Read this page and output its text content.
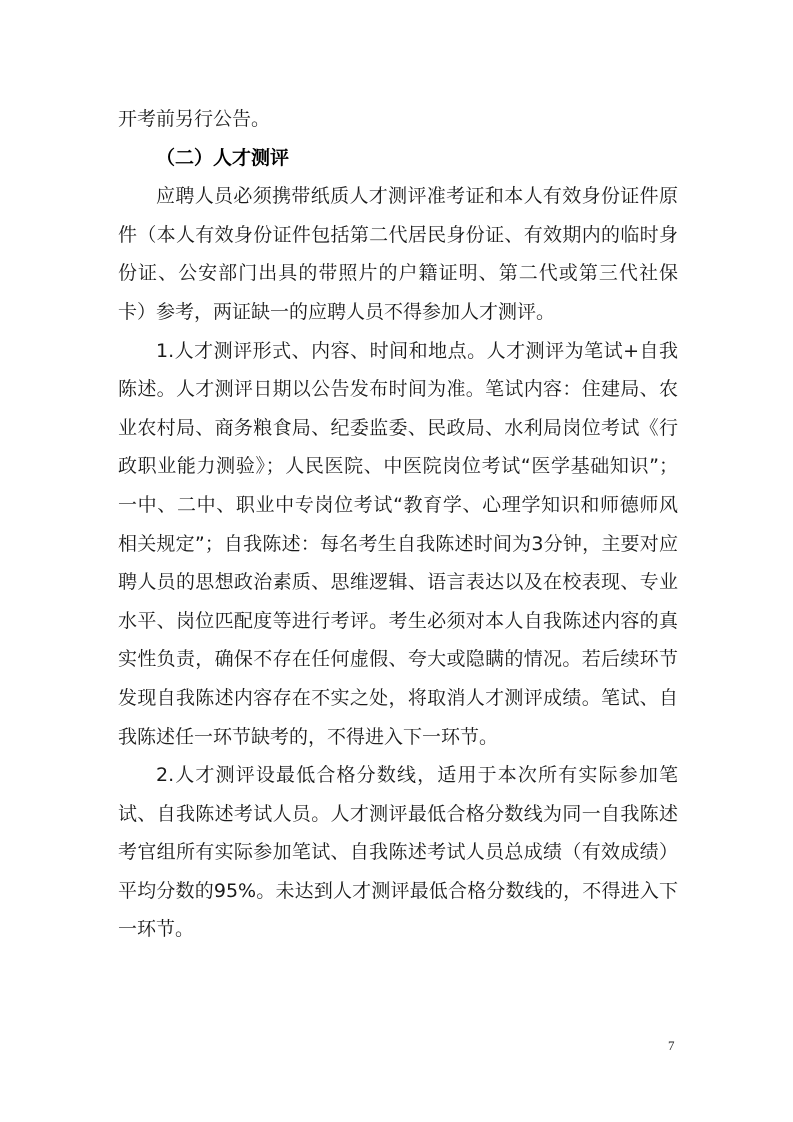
开考前另行公告。

（二）人才测评

应聘人员必须携带纸质人才测评准考证和本人有效身份证件原件（本人有效身份证件包括第二代居民身份证、有效期内的临时身份证、公安部门出具的带照片的户籍证明、第二代或第三代社保卡）参考，两证缺一的应聘人员不得参加人才测评。

1.人才测评形式、内容、时间和地点。人才测评为笔试+自我陈述。人才测评日期以公告发布时间为准。笔试内容：住建局、农业农村局、商务粮食局、纪委监委、民政局、水利局岗位考试《行政职业能力测验》；人民医院、中医院岗位考试“医学基础知识”；一中、二中、职业中专岗位考试“教育学、心理学知识和师德师风相关规定”；自我陈述：每名考生自我陈述时间为3分钟，主要对应聘人员的思想政治素质、思维逻辑、语言表达以及在校表现、专业水平、岗位匹配度等进行考评。考生必须对本人自我陈述内容的真实性负责，确保不存在任何虚假、夸大或隐瞒的情况。若后续环节发现自我陈述内容存在不实之处，将取消人才测评成绩。笔试、自我陈述任一环节缺考的，不得进入下一环节。

2.人才测评设最低合格分数线，适用于本次所有实际参加笔试、自我陈述考试人员。人才测评最低合格分数线为同一自我陈述考官组所有实际参加笔试、自我陈述考试人员总成绩（有效成绩）平均分数的95%。未达到人才测评最低合格分数线的，不得进入下一环节。

7
